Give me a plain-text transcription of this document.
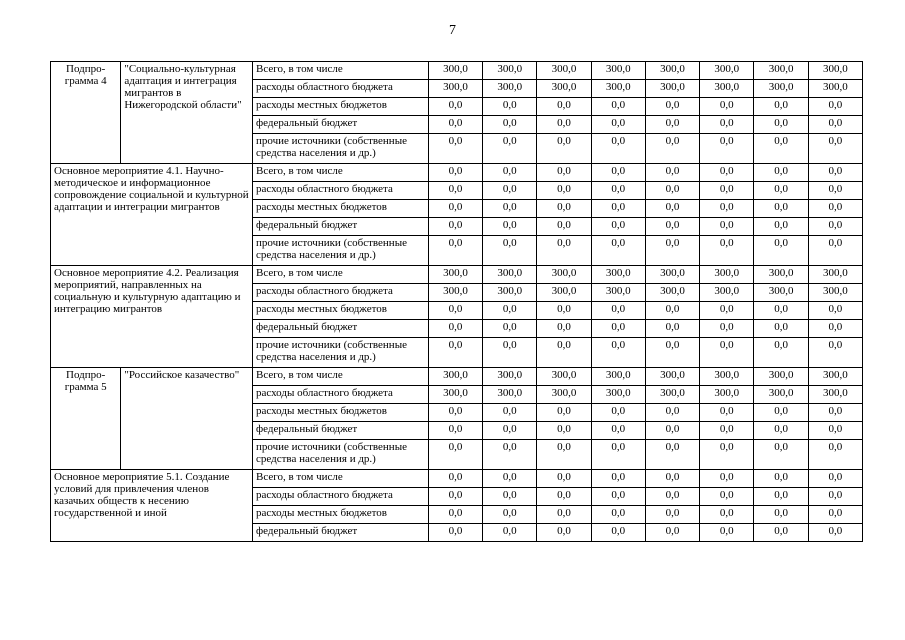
7
Подпро-грамма 4	"Социально-культурная адаптация и интеграция мигрантов в Нижегородской области"	Всего, в том числе	300,0	300,0	300,0	300,0	300,0	300,0	300,0	300,0
		расходы областного бюджета	300,0	300,0	300,0	300,0	300,0	300,0	300,0	300,0
		расходы местных бюджетов	0,0	0,0	0,0	0,0	0,0	0,0	0,0	0,0
		федеральный бюджет	0,0	0,0	0,0	0,0	0,0	0,0	0,0	0,0
		прочие источники (собственные средства населения и др.)	0,0	0,0	0,0	0,0	0,0	0,0	0,0	0,0
Основное мероприятие 4.1. Научно-методическое и информационное сопровождение социальной и культурной адаптации и интеграции мигрантов		Всего, в том числе	0,0	0,0	0,0	0,0	0,0	0,0	0,0	0,0
		расходы областного бюджета	0,0	0,0	0,0	0,0	0,0	0,0	0,0	0,0
		расходы местных бюджетов	0,0	0,0	0,0	0,0	0,0	0,0	0,0	0,0
		федеральный бюджет	0,0	0,0	0,0	0,0	0,0	0,0	0,0	0,0
		прочие источники (собственные средства населения и др.)	0,0	0,0	0,0	0,0	0,0	0,0	0,0	0,0
Основное мероприятие 4.2. Реализация мероприятий, направленных на социальную и культурную адаптацию и интеграцию мигрантов		Всего, в том числе	300,0	300,0	300,0	300,0	300,0	300,0	300,0	300,0
		расходы областного бюджета	300,0	300,0	300,0	300,0	300,0	300,0	300,0	300,0
		расходы местных бюджетов	0,0	0,0	0,0	0,0	0,0	0,0	0,0	0,0
		федеральный бюджет	0,0	0,0	0,0	0,0	0,0	0,0	0,0	0,0
		прочие источники (собственные средства населения и др.)	0,0	0,0	0,0	0,0	0,0	0,0	0,0	0,0
Подпро-грамма 5	"Российское казачество"	Всего, в том числе	300,0	300,0	300,0	300,0	300,0	300,0	300,0	300,0
		расходы областного бюджета	300,0	300,0	300,0	300,0	300,0	300,0	300,0	300,0
		расходы местных бюджетов	0,0	0,0	0,0	0,0	0,0	0,0	0,0	0,0
		федеральный бюджет	0,0	0,0	0,0	0,0	0,0	0,0	0,0	0,0
		прочие источники (собственные средства населения и др.)	0,0	0,0	0,0	0,0	0,0	0,0	0,0	0,0
Основное мероприятие 5.1. Создание условий для привлечения членов казачьих обществ к несению государственной и иной		Всего, в том числе	0,0	0,0	0,0	0,0	0,0	0,0	0,0	0,0
		расходы областного бюджета	0,0	0,0	0,0	0,0	0,0	0,0	0,0	0,0
		расходы местных бюджетов	0,0	0,0	0,0	0,0	0,0	0,0	0,0	0,0
		федеральный бюджет	0,0	0,0	0,0	0,0	0,0	0,0	0,0	0,0
